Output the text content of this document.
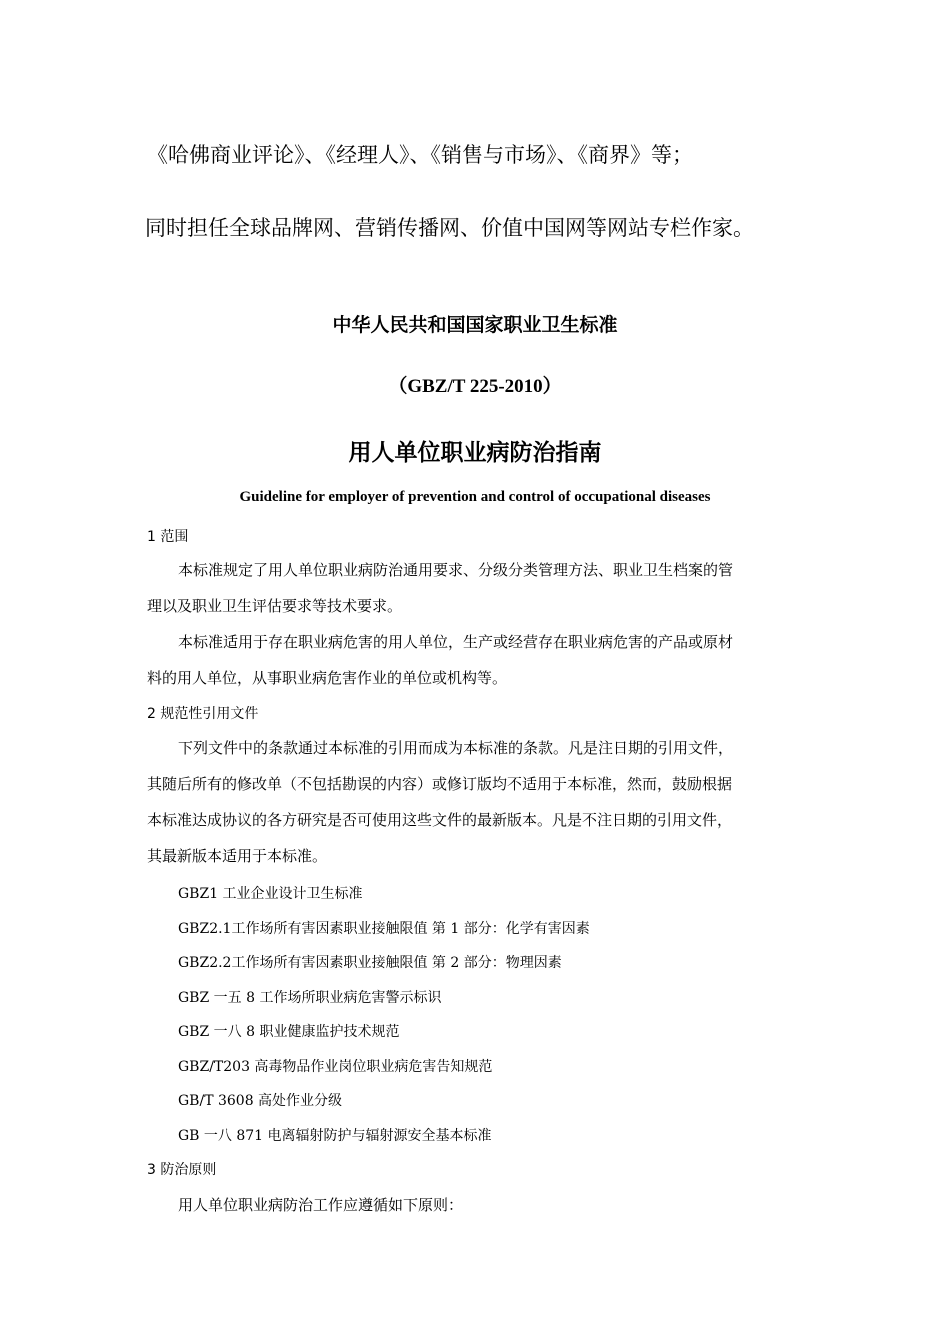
《哈佛商业评论》、《经理人》、《销售与市场》、《商界》等；
同时担任全球品牌网、营销传播网、价值中国网等网站专栏作家。
中华人民共和国国家职业卫生标准
（GBZ/T 225-2010）
用人单位职业病防治指南
Guideline for employer of prevention and control of occupational diseases
1 范围
本标准规定了用人单位职业病防治通用要求、分级分类管理方法、职业卫生档案的管
理以及职业卫生评估要求等技术要求。
本标准适用于存在职业病危害的用人单位，生产或经营存在职业病危害的产品或原材
料的用人单位，从事职业病危害作业的单位或机构等。
2 规范性引用文件
下列文件中的条款通过本标准的引用而成为本标准的条款。凡是注日期的引用文件，
其随后所有的修改单（不包括勘误的内容）或修订版均不适用于本标准，然而，鼓励根据
本标准达成协议的各方研究是否可使用这些文件的最新版本。凡是不注日期的引用文件，
其最新版本适用于本标准。
GBZ1 工业企业设计卫生标准
GBZ2.1工作场所有害因素职业接触限值 第 1 部分：化学有害因素
GBZ2.2工作场所有害因素职业接触限值 第 2 部分：物理因素
GBZ 一五 8 工作场所职业病危害警示标识
GBZ 一八 8 职业健康监护技术规范
GBZ/T203 高毒物品作业岗位职业病危害告知规范
GB/T 3608 高处作业分级
GB 一八 871 电离辐射防护与辐射源安全基本标准
3 防治原则
用人单位职业病防治工作应遵循如下原则：
